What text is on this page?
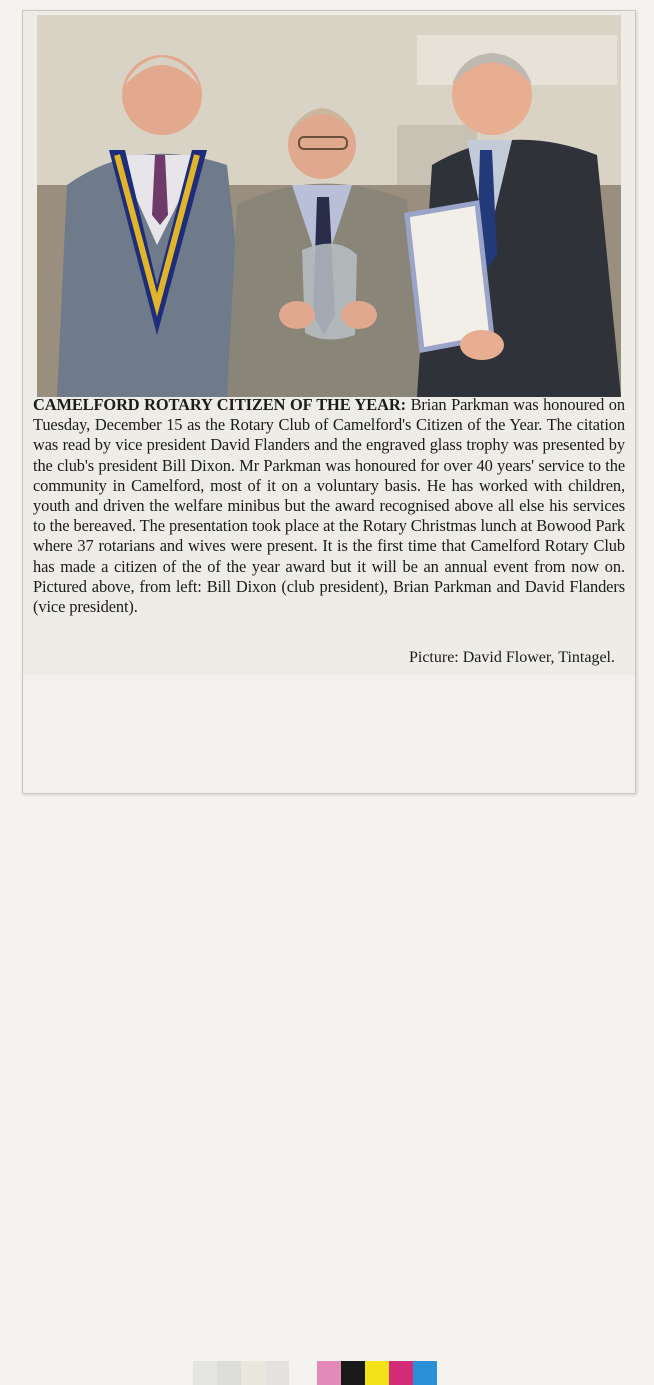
CAMELFORD ROTARY CITIZEN OF THE YEAR: Brian Parkman was honoured on Tuesday, December 15 as the Rotary Club of Camelford's Citizen of the Year. The citation was read by vice president David Flanders and the engraved glass trophy was presented by the club's president Bill Dixon. Mr Parkman was honoured for over 40 years' service to the community in Camelford, most of it on a voluntary basis. He has worked with children, youth and driven the welfare minibus but the award recognised above all else his services to the bereaved. The presentation took place at the Rotary Christmas lunch at Bowood Park where 37 rotarians and wives were present. It is the first time that Camelford Rotary Club has made a citizen of the of the year award but it will be an annual event from now on. Pictured above, from left: Bill Dixon (club president), Brian Parkman and David Flanders (vice president).
Picture: David Flower, Tintagel.
